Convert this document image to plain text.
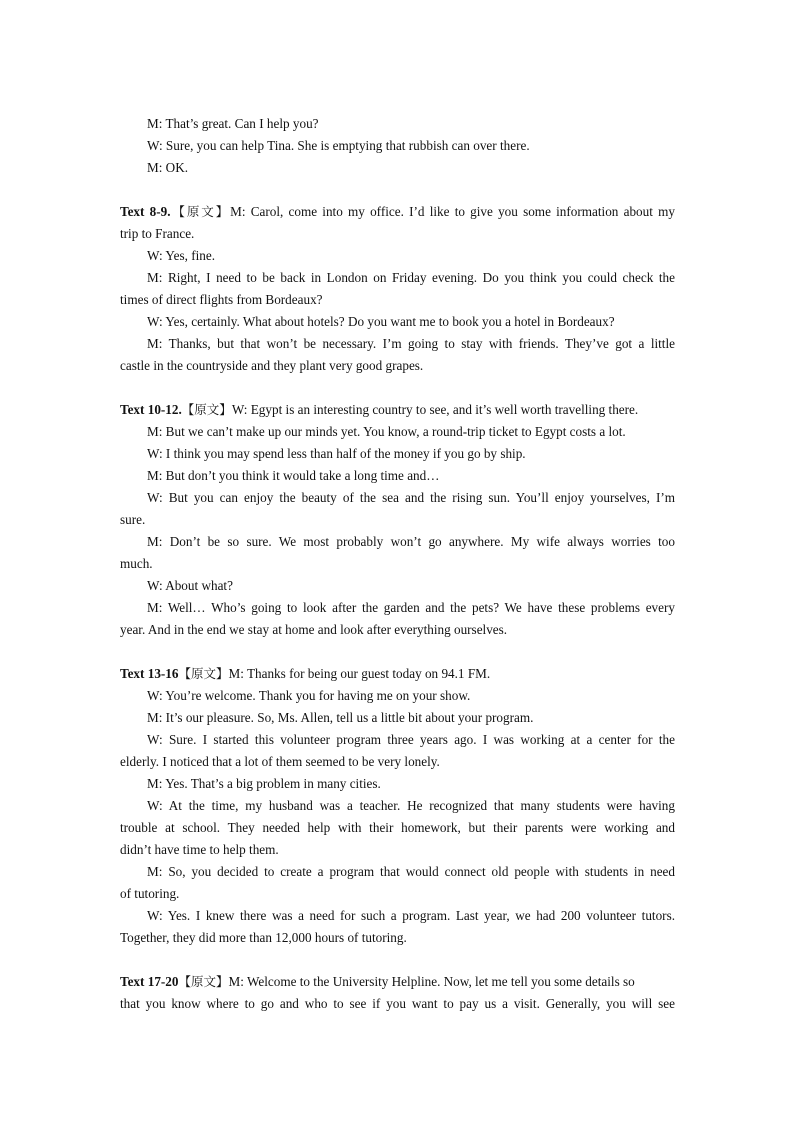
M: That’s great. Can I help you?
W: Sure, you can help Tina. She is emptying that rubbish can over there.
M: OK.
Text 8-9.【原文】M: Carol, come into my office. I’d like to give you some information about my
trip to France.
W: Yes, fine.
M: Right, I need to be back in London on Friday evening. Do you think you could check the
times of direct flights from Bordeaux?
W: Yes, certainly. What about hotels? Do you want me to book you a hotel in Bordeaux?
M: Thanks, but that won’t be necessary. I’m going to stay with friends. They’ve got a little
castle in the countryside and they plant very good grapes.
Text 10-12.【原文】W: Egypt is an interesting country to see, and it’s well worth travelling there.
M: But we can’t make up our minds yet. You know, a round-trip ticket to Egypt costs a lot.
W: I think you may spend less than half of the money if you go by ship.
M: But don’t you think it would take a long time and…
W: But you can enjoy the beauty of the sea and the rising sun. You’ll enjoy yourselves, I’m
sure.
M: Don’t be so sure. We most probably won’t go anywhere. My wife always worries too
much.
W: About what?
M: Well… Who’s going to look after the garden and the pets? We have these problems every
year. And in the end we stay at home and look after everything ourselves.
Text 13-16【原文】M: Thanks for being our guest today on 94.1 FM.
W: You’re welcome. Thank you for having me on your show.
M: It’s our pleasure. So, Ms. Allen, tell us a little bit about your program.
W: Sure. I started this volunteer program three years ago. I was working at a center for the
elderly. I noticed that a lot of them seemed to be very lonely.
M: Yes. That’s a big problem in many cities.
W: At the time, my husband was a teacher. He recognized that many students were having
trouble at school. They needed help with their homework, but their parents were working and
didn’t have time to help them.
M: So, you decided to create a program that would connect old people with students in need
of tutoring.
W: Yes. I knew there was a need for such a program. Last year, we had 200 volunteer tutors.
Together, they did more than 12,000 hours of tutoring.
Text 17-20【原文】M: Welcome to the University Helpline. Now, let me tell you some details so
that you know where to go and who to see if you want to pay us a visit. Generally, you will see
